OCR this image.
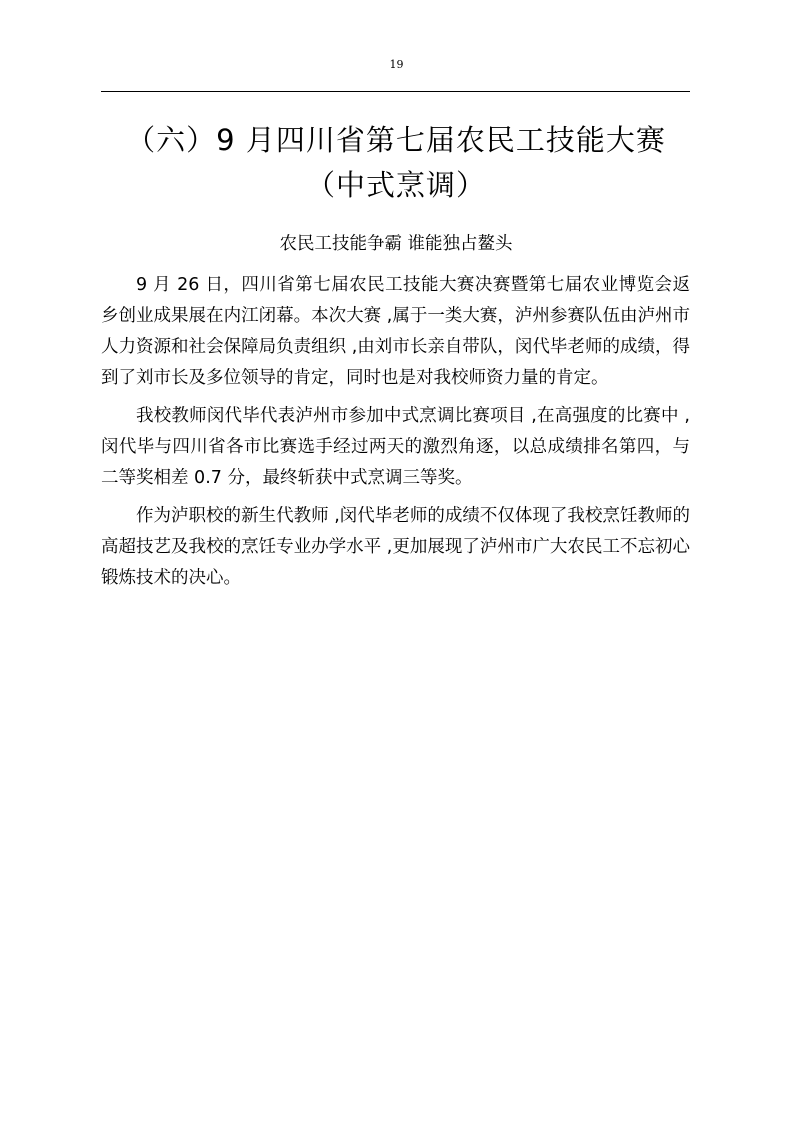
19
（六）9 月四川省第七届农民工技能大赛（中式烹调）
农民工技能争霸 谁能独占鳌头

9 月 26 日，四川省第七届农民工技能大赛决赛暨第七届农业博览会返乡创业成果展在内江闭幕。本次大赛 ,属于一类大赛，泸州参赛队伍由泸州市人力资源和社会保障局负责组织 ,由刘市长亲自带队，闵代毕老师的成绩，得到了刘市长及多位领导的肯定，同时也是对我校师资力量的肯定。

我校教师闵代毕代表泸州市参加中式烹调比赛项目 ,在高强度的比赛中 ,闵代毕与四川省各市比赛选手经过两天的激烈角逐，以总成绩排名第四，与二等奖相差 0.7 分，最终斩获中式烹调三等奖。

作为泸职校的新生代教师 ,闵代毕老师的成绩不仅体现了我校烹饪教师的高超技艺及我校的烹饪专业办学水平 ,更加展现了泸州市广大农民工不忘初心锻炼技术的决心。
